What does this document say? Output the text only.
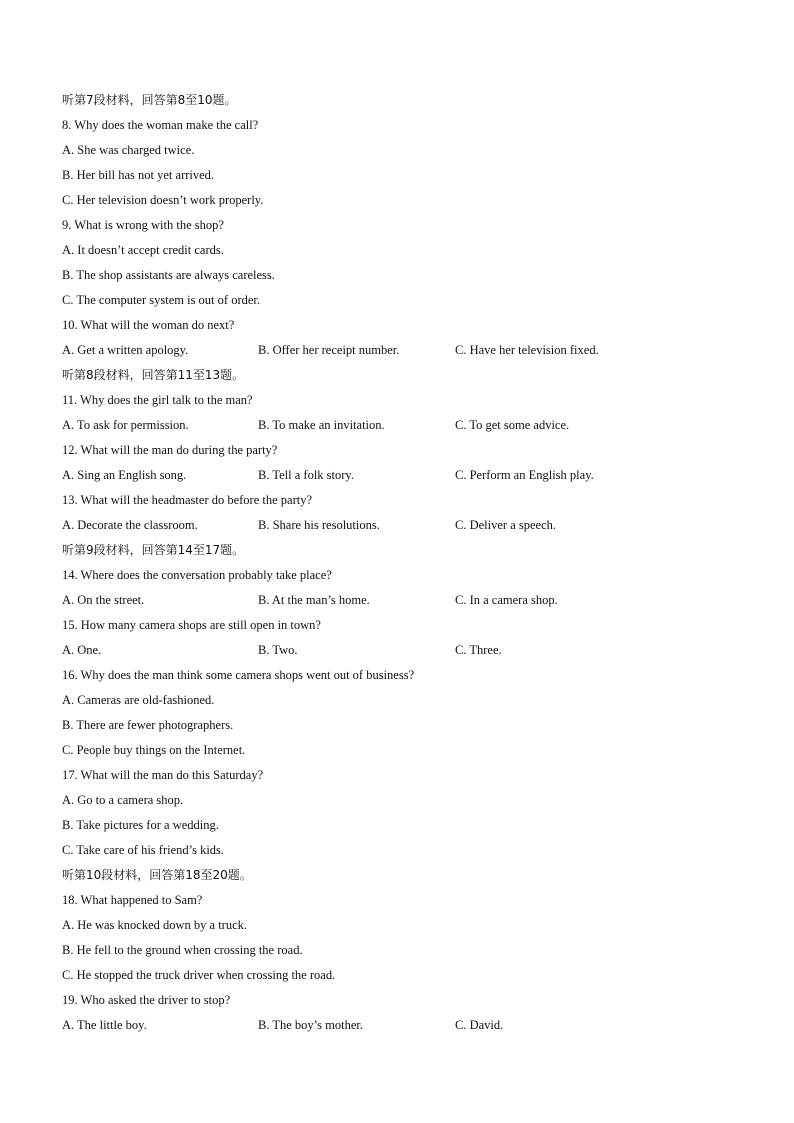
听第7段材料，回答第8至10题。
8. Why does the woman make the call?
A. She was charged twice.
B. Her bill has not yet arrived.
C. Her television doesn’t work properly.
9. What is wrong with the shop?
A. It doesn’t accept credit cards.
B. The shop assistants are always careless.
C. The computer system is out of order.
10. What will the woman do next?
A. Get a written apology.	B. Offer her receipt number.	C. Have her television fixed.
听第8段材料，回答第11至13题。
11. Why does the girl talk to the man?
A. To ask for permission.	B. To make an invitation.	C. To get some advice.
12. What will the man do during the party?
A. Sing an English song.	B. Tell a folk story.	C. Perform an English play.
13. What will the headmaster do before the party?
A. Decorate the classroom.	B. Share his resolutions.	C. Deliver a speech.
听第9段材料，回答第14至17题。
14. Where does the conversation probably take place?
A. On the street.	B. At the man’s home.	C. In a camera shop.
15. How many camera shops are still open in town?
A. One.	B. Two.	C. Three.
16. Why does the man think some camera shops went out of business?
A. Cameras are old-fashioned.
B. There are fewer photographers.
C. People buy things on the Internet.
17. What will the man do this Saturday?
A. Go to a camera shop.
B. Take pictures for a wedding.
C. Take care of his friend’s kids.
听第10段材料，回答第18至20题。
18. What happened to Sam?
A. He was knocked down by a truck.
B. He fell to the ground when crossing the road.
C. He stopped the truck driver when crossing the road.
19. Who asked the driver to stop?
A. The little boy.	B. The boy’s mother.	C. David.
